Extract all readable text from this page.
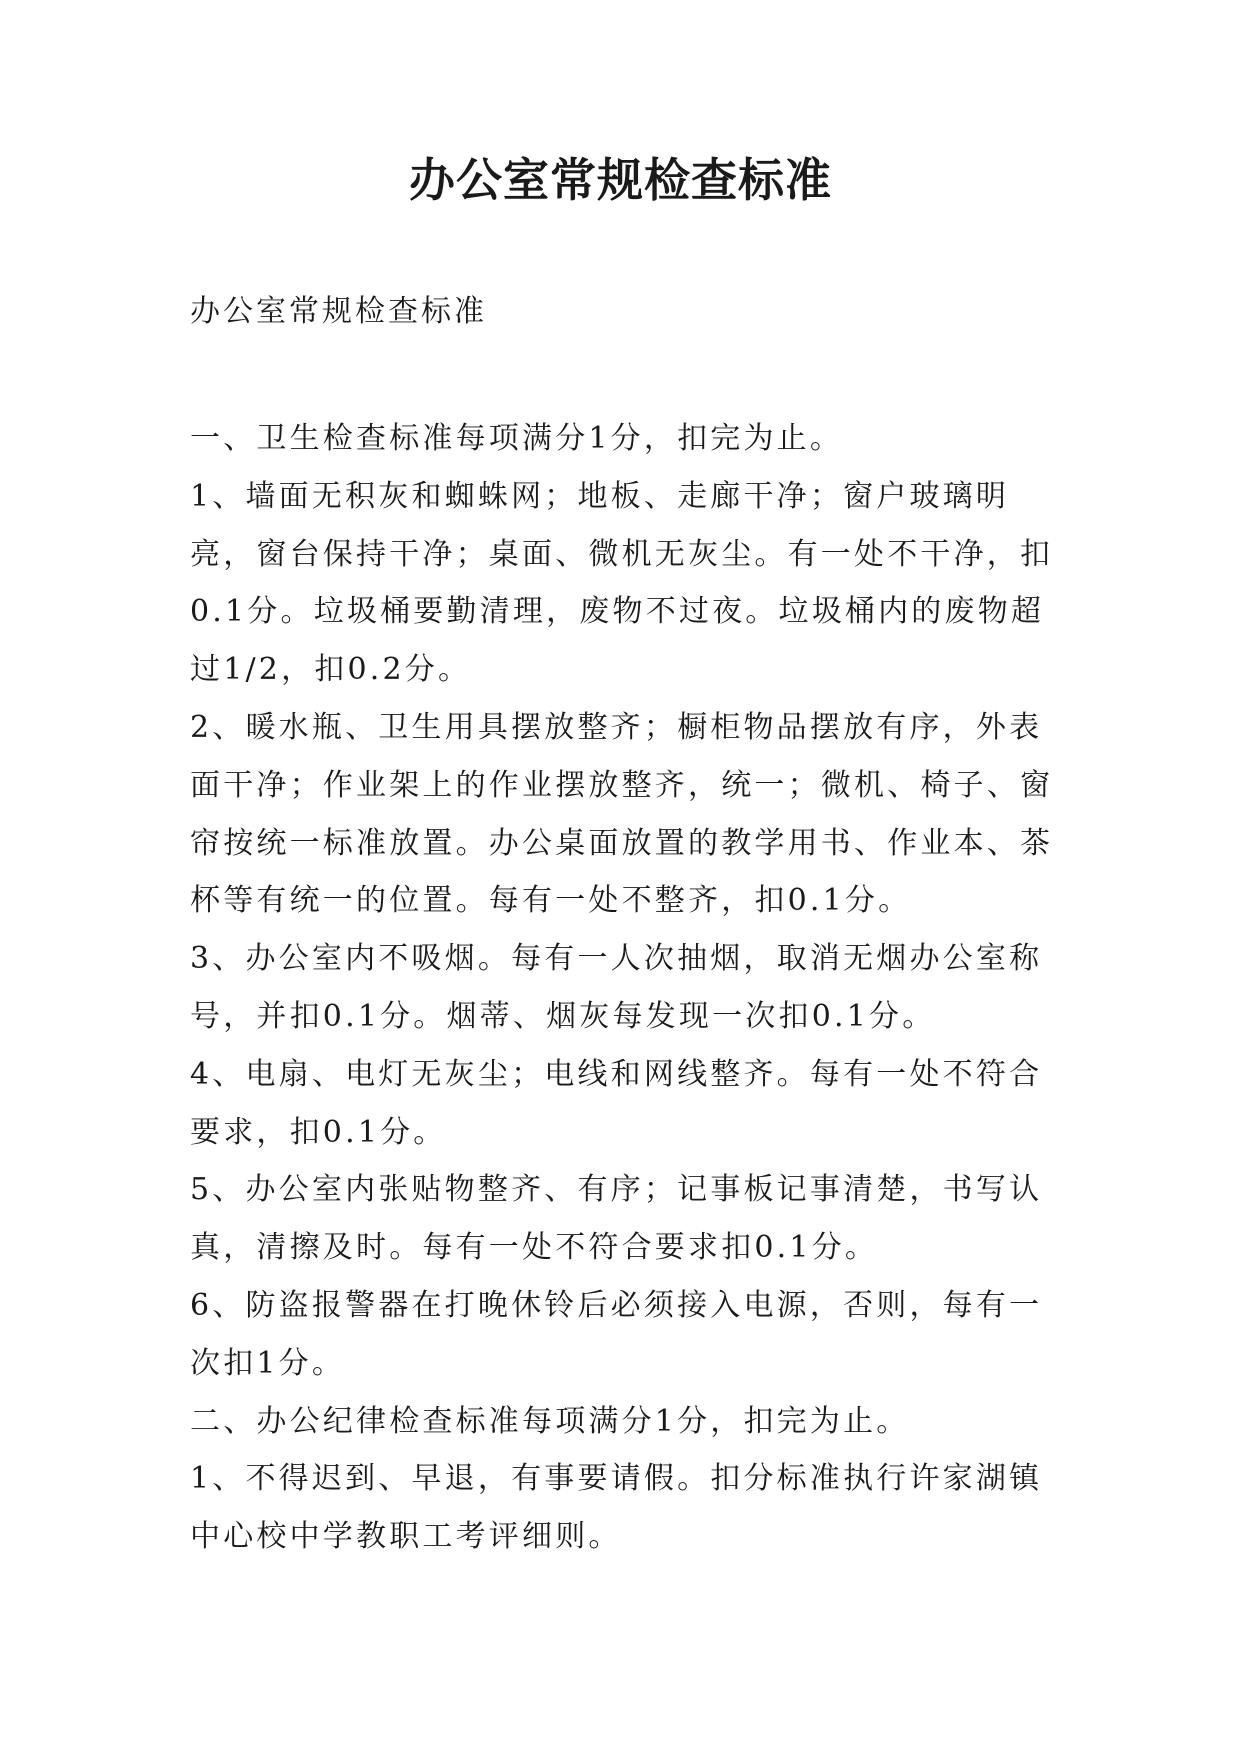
办公室常规检查标准

办公室常规检查标准

一、卫生检查标准每项满分1分，扣完为止。

1、墙面无积灰和蜘蛛网；地板、走廊干净；窗户玻璃明亮，窗台保持干净；桌面、微机无灰尘。有一处不干净，扣0.1分。垃圾桶要勤清理，废物不过夜。垃圾桶内的废物超过1/2，扣0.2分。

2、暖水瓶、卫生用具摆放整齐；橱柜物品摆放有序，外表面干净；作业架上的作业摆放整齐，统一；微机、椅子、窗帘按统一标准放置。办公桌面放置的教学用书、作业本、茶杯等有统一的位置。每有一处不整齐，扣0.1分。

3、办公室内不吸烟。每有一人次抽烟，取消无烟办公室称号，并扣0.1分。烟蒂、烟灰每发现一次扣0.1分。

4、电扇、电灯无灰尘；电线和网线整齐。每有一处不符合要求，扣0.1分。

5、办公室内张贴物整齐、有序；记事板记事清楚，书写认真，清擦及时。每有一处不符合要求扣0.1分。

6、防盗报警器在打晚休铃后必须接入电源，否则，每有一次扣1分。

二、办公纪律检查标准每项满分1分，扣完为止。

1、不得迟到、早退，有事要请假。扣分标准执行许家湖镇中心校中学教职工考评细则。
